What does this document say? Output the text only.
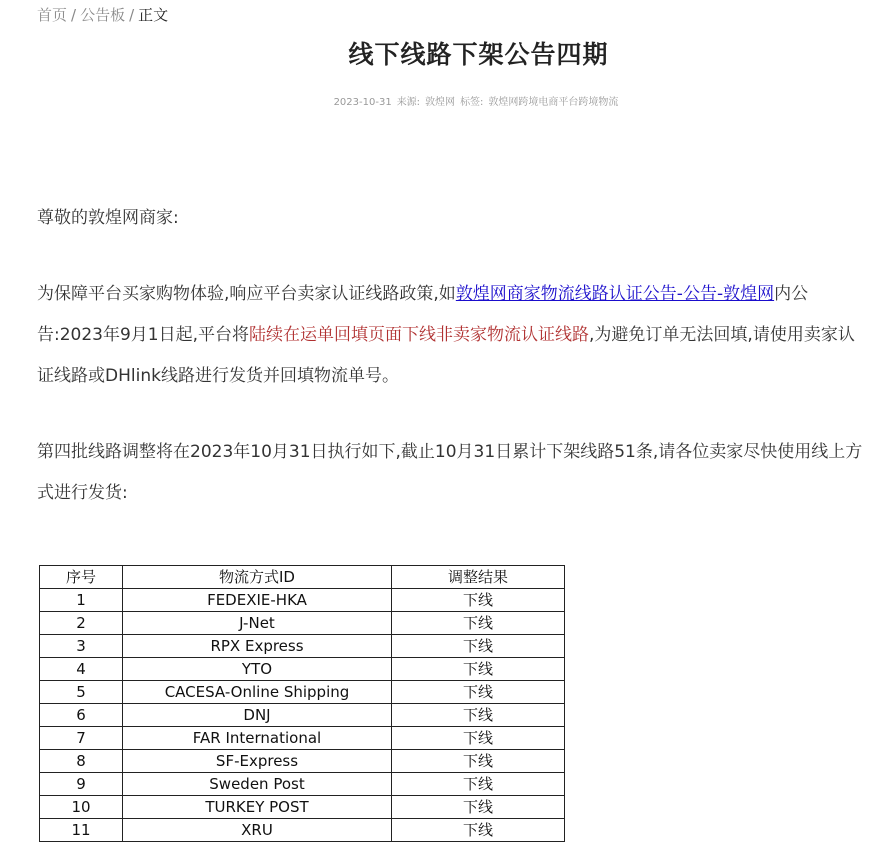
首页 / 公告板 / 正文
线下线路下架公告四期
2023-10-31 来源: 敦煌网 标签: 敦煌网跨境电商平台跨境物流

尊敬的敦煌网商家:

为保障平台买家购物体验,响应平台卖家认证线路政策,如敦煌网商家物流线路认证公告-公告-敦煌网内公告:2023年9月1日起,平台将陆续在运单回填页面下线非卖家物流认证线路,为避免订单无法回填,请使用卖家认证线路或DHlink线路进行发货并回填物流单号。

第四批线路调整将在2023年10月31日执行如下,截止10月31日累计下架线路51条,请各位卖家尽快使用线上方式进行发货:

序号	物流方式ID	调整结果
1	FEDEXIE-HKA	下线
2	J-Net	下线
3	RPX Express	下线
4	YTO	下线
5	CACESA-Online Shipping	下线
6	DNJ	下线
7	FAR International	下线
8	SF-Express	下线
9	Sweden Post	下线
10	TURKEY POST	下线
11	XRU	下线
